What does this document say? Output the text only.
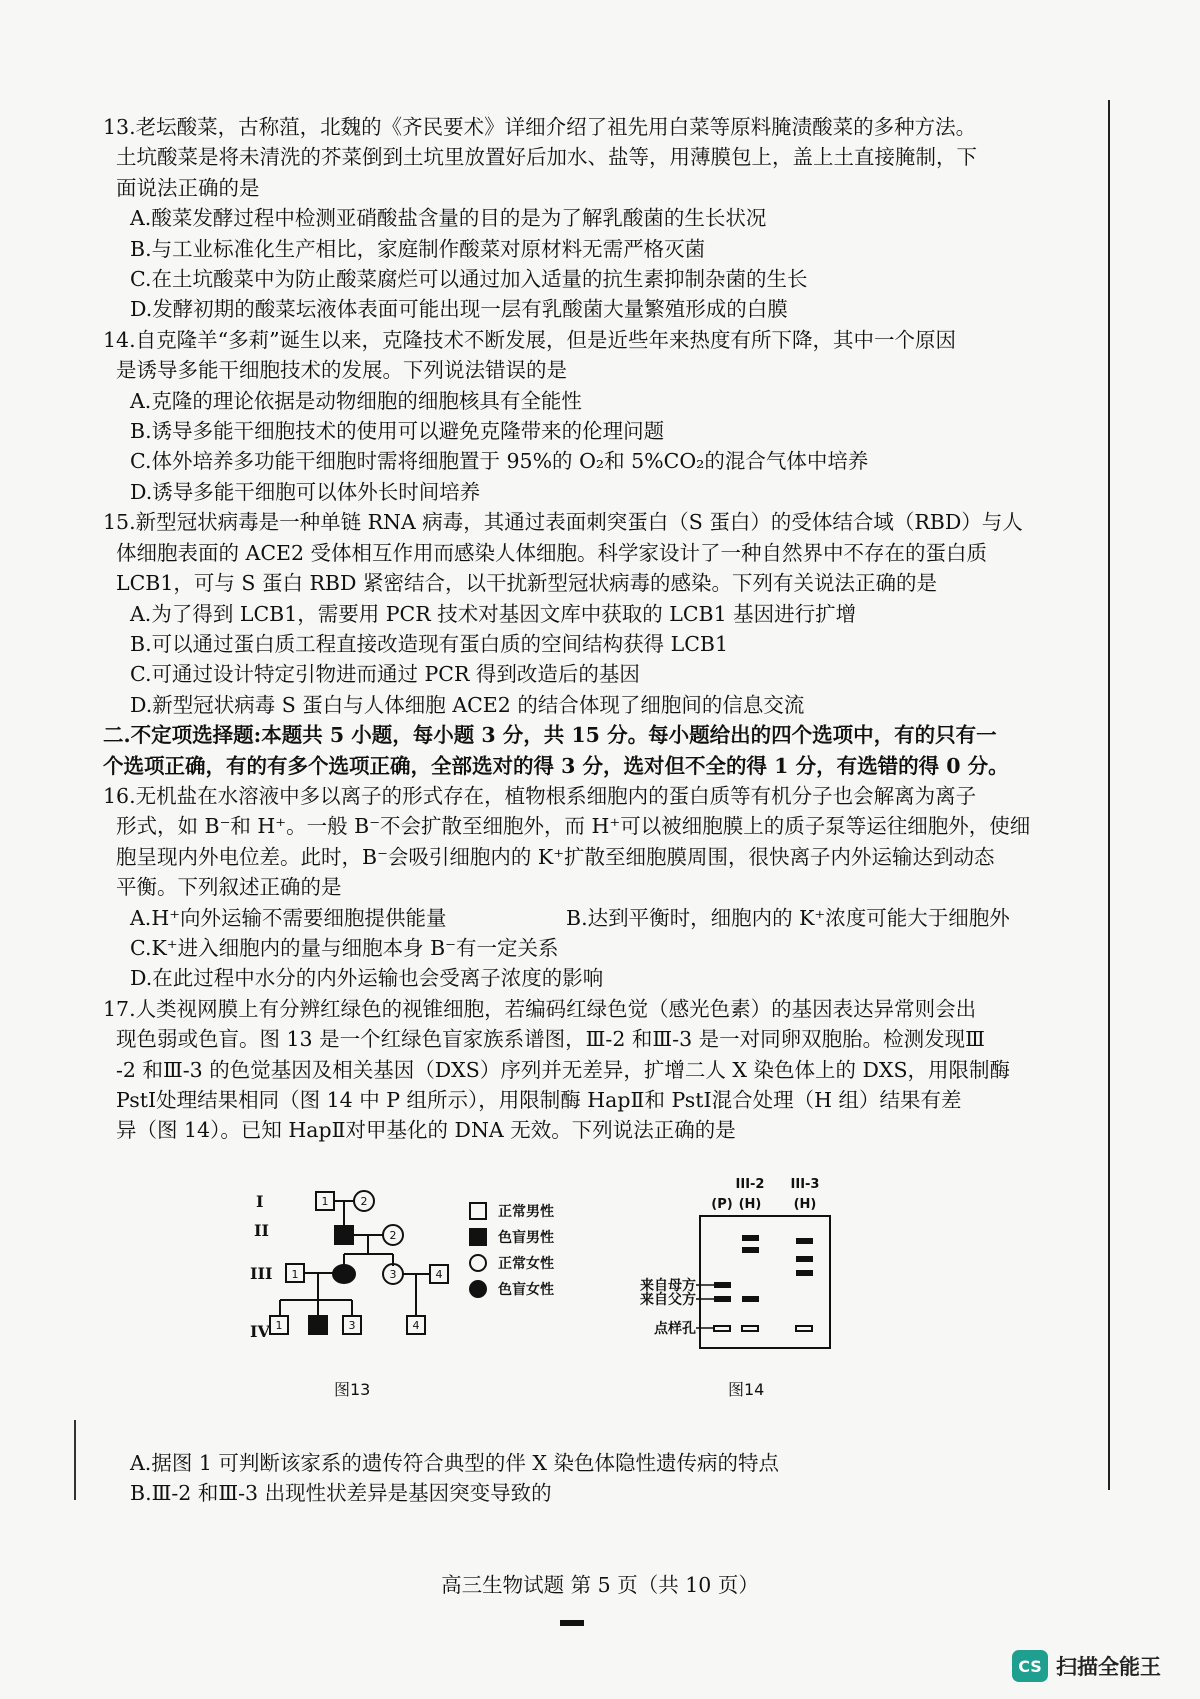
13.老坛酸菜，古称菹，北魏的《齐民要术》详细介绍了祖先用白菜等原料腌渍酸菜的多种方法。
土坑酸菜是将未清洗的芥菜倒到土坑里放置好后加水、盐等，用薄膜包上，盖上土直接腌制，下
面说法正确的是
A.酸菜发酵过程中检测亚硝酸盐含量的目的是为了解乳酸菌的生长状况
B.与工业标准化生产相比，家庭制作酸菜对原材料无需严格灭菌
C.在土坑酸菜中为防止酸菜腐烂可以通过加入适量的抗生素抑制杂菌的生长
D.发酵初期的酸菜坛液体表面可能出现一层有乳酸菌大量繁殖形成的白膜
14.自克隆羊“多莉”诞生以来，克隆技术不断发展，但是近些年来热度有所下降，其中一个原因
是诱导多能干细胞技术的发展。下列说法错误的是
A.克隆的理论依据是动物细胞的细胞核具有全能性
B.诱导多能干细胞技术的使用可以避免克隆带来的伦理问题
C.体外培养多功能干细胞时需将细胞置于 95%的 O₂和 5%CO₂的混合气体中培养
D.诱导多能干细胞可以体外长时间培养
15.新型冠状病毒是一种单链 RNA 病毒，其通过表面刺突蛋白（S 蛋白）的受体结合域（RBD）与人
体细胞表面的 ACE2 受体相互作用而感染人体细胞。科学家设计了一种自然界中不存在的蛋白质
LCB1，可与 S 蛋白 RBD 紧密结合，以干扰新型冠状病毒的感染。下列有关说法正确的是
A.为了得到 LCB1，需要用 PCR 技术对基因文库中获取的 LCB1 基因进行扩增
B.可以通过蛋白质工程直接改造现有蛋白质的空间结构获得 LCB1
C.可通过设计特定引物进而通过 PCR 得到改造后的基因
D.新型冠状病毒 S 蛋白与人体细胞 ACE2 的结合体现了细胞间的信息交流
二.不定项选择题:本题共 5 小题，每小题 3 分，共 15 分。每小题给出的四个选项中，有的只有一
个选项正确，有的有多个选项正确，全部选对的得 3 分，选对但不全的得 1 分，有选错的得 0 分。
16.无机盐在水溶液中多以离子的形式存在，植物根系细胞内的蛋白质等有机分子也会解离为离子
形式，如 B⁻和 H⁺。一般 B⁻不会扩散至细胞外，而 H⁺可以被细胞膜上的质子泵等运往细胞外，使细
胞呈现内外电位差。此时，B⁻会吸引细胞内的 K⁺扩散至细胞膜周围，很快离子内外运输达到动态
平衡。下列叙述正确的是
A.H⁺向外运输不需要细胞提供能量	B.达到平衡时，细胞内的 K⁺浓度可能大于细胞外
C.K⁺进入细胞内的量与细胞本身 B⁻有一定关系
D.在此过程中水分的内外运输也会受离子浓度的影响
17.人类视网膜上有分辨红绿色的视锥细胞，若编码红绿色觉（感光色素）的基因表达异常则会出
现色弱或色盲。图 13 是一个红绿色盲家族系谱图，Ⅲ-2 和Ⅲ-3 是一对同卵双胞胎。检测发现Ⅲ
-2 和Ⅲ-3 的色觉基因及相关基因（DXS）序列并无差异，扩增二人 X 染色体上的 DXS，用限制酶
PstⅠ处理结果相同（图 14 中 P 组所示），用限制酶 HapⅡ和 PstⅠ混合处理（H 组）结果有差
异（图 14）。已知 HapⅡ对甲基化的 DNA 无效。下列说法正确的是
I
II
III
IV
1	2
2
1	3	4
1	3	4
正常男性
色盲男性
正常女性
色盲女性
图13
(P)
III-2
(H)
III-3
(H)
来自母方
来自父方
点样孔
图14
A.据图 1 可判断该家系的遗传符合典型的伴 X 染色体隐性遗传病的特点
B.Ⅲ-2 和Ⅲ-3 出现性状差异是基因突变导致的
高三生物试题 第 5 页（共 10 页）
CS 扫描全能王
